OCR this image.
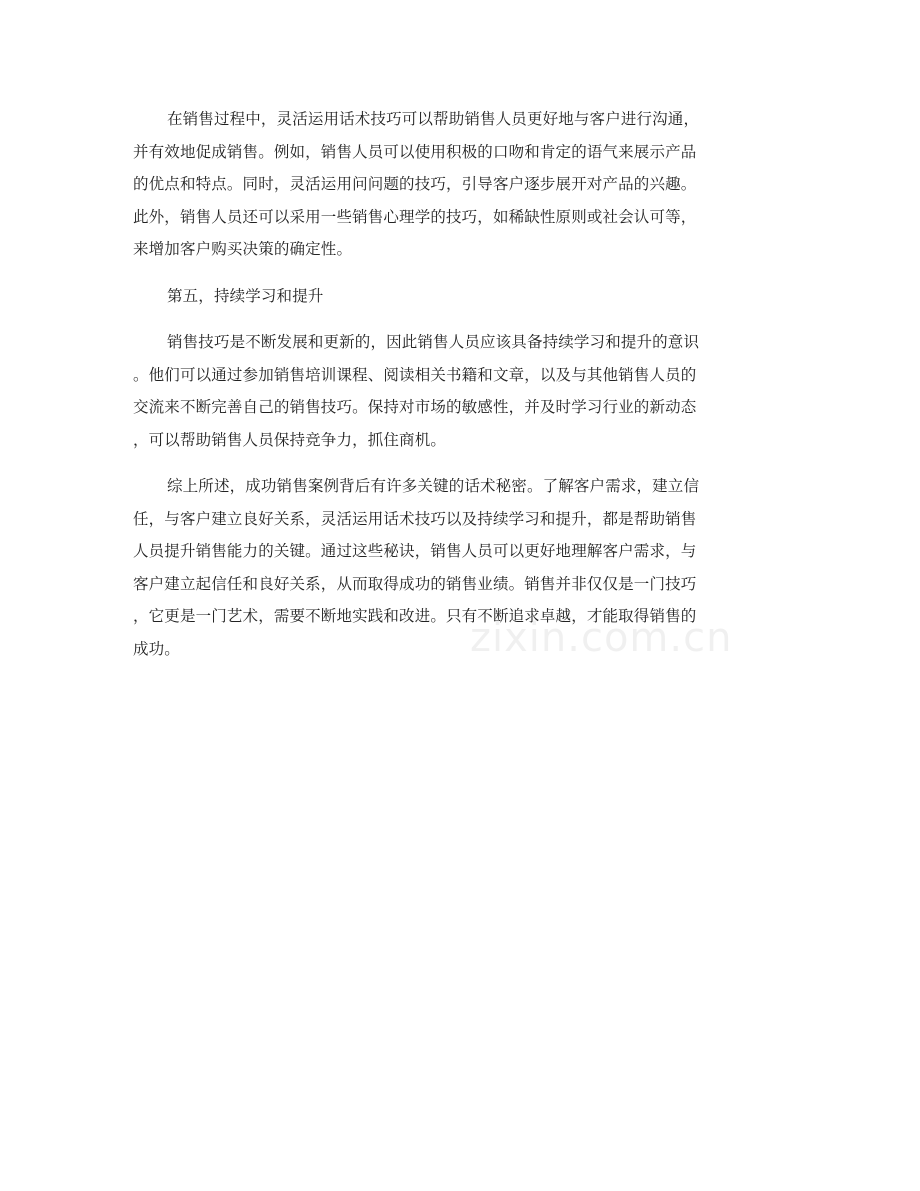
在销售过程中，灵活运用话术技巧可以帮助销售人员更好地与客户进行沟通，
并有效地促成销售。例如，销售人员可以使用积极的口吻和肯定的语气来展示产品
的优点和特点。同时，灵活运用问问题的技巧，引导客户逐步展开对产品的兴趣。
此外，销售人员还可以采用一些销售心理学的技巧，如稀缺性原则或社会认可等，
来增加客户购买决策的确定性。
第五，持续学习和提升
销售技巧是不断发展和更新的，因此销售人员应该具备持续学习和提升的意识
。他们可以通过参加销售培训课程、阅读相关书籍和文章，以及与其他销售人员的
交流来不断完善自己的销售技巧。保持对市场的敏感性，并及时学习行业的新动态
，可以帮助销售人员保持竞争力，抓住商机。
综上所述，成功销售案例背后有许多关键的话术秘密。了解客户需求，建立信
任，与客户建立良好关系，灵活运用话术技巧以及持续学习和提升，都是帮助销售
人员提升销售能力的关键。通过这些秘诀，销售人员可以更好地理解客户需求，与
客户建立起信任和良好关系，从而取得成功的销售业绩。销售并非仅仅是一门技巧
，它更是一门艺术，需要不断地实践和改进。只有不断追求卓越，才能取得销售的
成功。	zixin.com.cn
